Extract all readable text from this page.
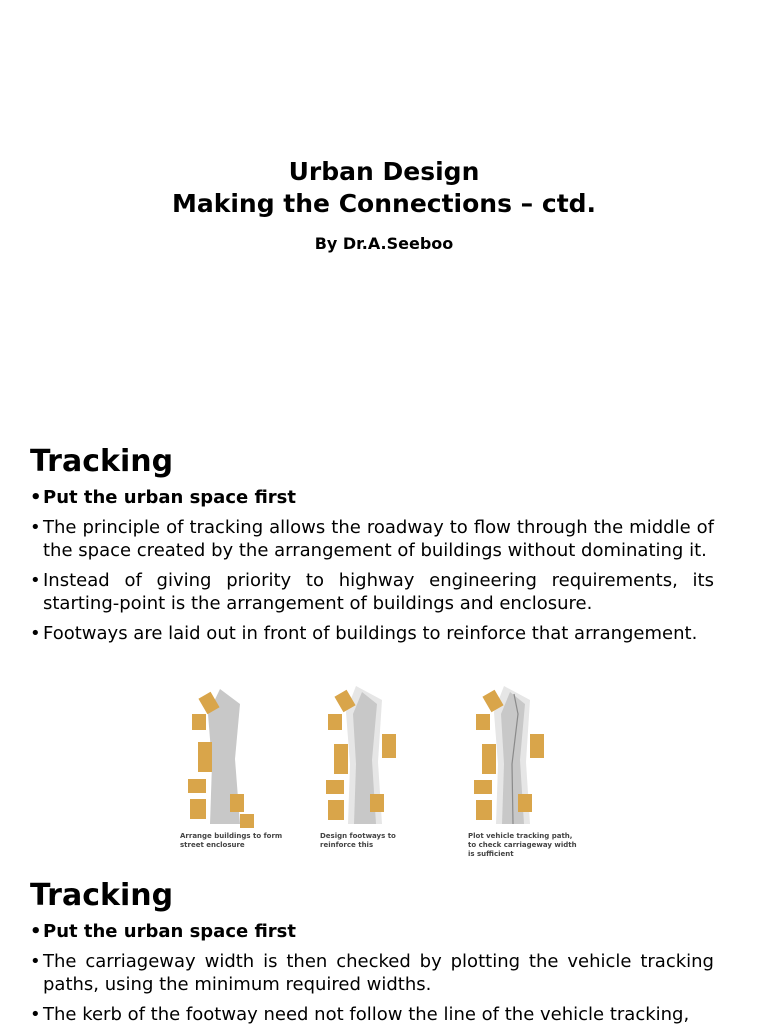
Urban Design
Making the Connections – ctd.
By Dr.A.Seeboo
Tracking
• Put the urban space first
• The principle of tracking allows the roadway to flow through the middle of the space created by the arrangement of buildings without dominating it.
• Instead of giving priority to highway engineering requirements, its starting-point is the arrangement of buildings and enclosure.
• Footways are laid out in front of buildings to reinforce that arrangement.
Arrange buildings to form
street enclosure
Design footways to
reinforce this
Plot vehicle tracking path,
to check carriageway width
is sufficient
Tracking
• Put the urban space first
• The carriageway width is then checked by plotting the vehicle tracking paths, using the minimum required widths.
• The kerb of the footway need not follow the line of the vehicle tracking,
